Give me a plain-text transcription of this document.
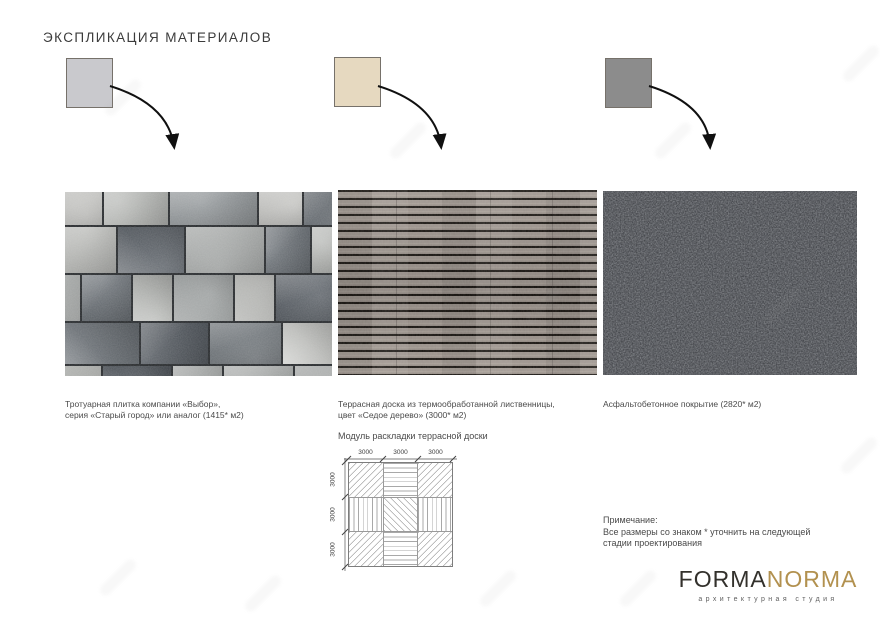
ЭКСПЛИКАЦИЯ МАТЕРИАЛОВ
Тротуарная плитка компании «Выбор»,
серия «Старый город» или аналог (1415* м2)
Террасная доска из термообработанной лиственницы,
цвет «Седое дерево» (3000* м2)
Асфальтобетонное покрытие (2820* м2)
Модуль раскладки террасной доски
3000	3000	3000
3000
3000
3000
Примечание:
Все размеры со знаком * уточнить на следующей
стадии проектирования
FORMANORMA
архитектурная студия
